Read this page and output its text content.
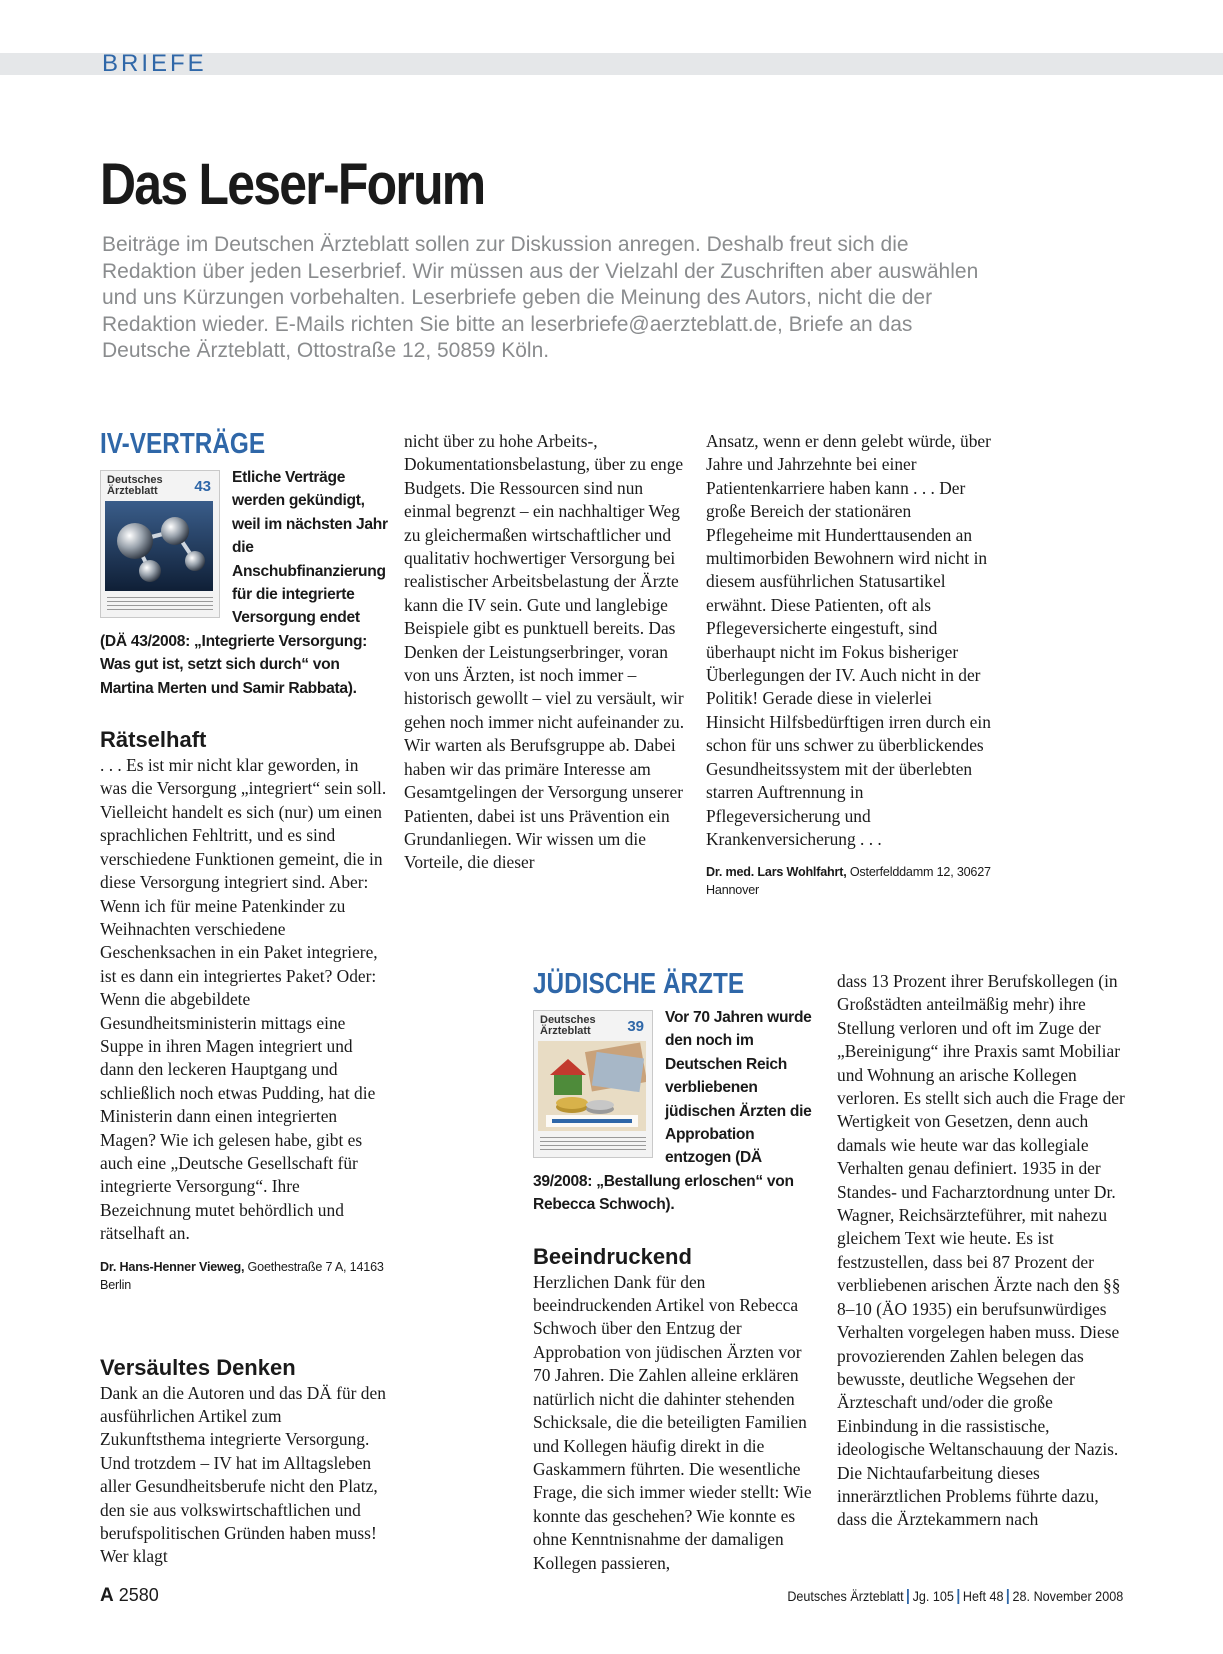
BRIEFE
Das Leser-Forum

Beiträge im Deutschen Ärzteblatt sollen zur Diskussion anregen. Deshalb freut sich die Redaktion über jeden Leserbrief. Wir müssen aus der Vielzahl der Zuschriften aber auswählen und uns Kürzungen vorbehalten. Leserbriefe geben die Meinung des Autors, nicht die der Redaktion wieder. E-Mails richten Sie bitte an leserbriefe@aerzteblatt.de, Briefe an das Deutsche Ärzteblatt, Ottostraße 12, 50859 Köln.

IV-VERTRÄGE
Deutsches Ärzteblatt	43

Etliche Verträge werden gekündigt, weil im nächsten Jahr die Anschubfinanzierung für die integrierte Versorgung endet (DÄ 43/2008: „Integrierte Versorgung: Was gut ist, setzt sich durch“ von Martina Merten und Samir Rabbata).

Rätselhaft

. . . Es ist mir nicht klar geworden, in was die Versorgung „integriert“ sein soll. Vielleicht handelt es sich (nur) um einen sprachlichen Fehltritt, und es sind verschiedene Funktionen gemeint, die in diese Versorgung integriert sind. Aber: Wenn ich für meine Patenkinder zu Weihnachten verschiedene Geschenksachen in ein Paket integriere, ist es dann ein integriertes Paket? Oder: Wenn die abgebildete Gesundheitsministerin mittags eine Suppe in ihren Magen integriert und dann den leckeren Hauptgang und schließlich noch etwas Pudding, hat die Ministerin dann einen integrierten Magen? Wie ich gelesen habe, gibt es auch eine „Deutsche Gesellschaft für integrierte Versorgung“. Ihre Bezeichnung mutet behördlich und rätselhaft an.

Dr. Hans-Henner Vieweg, Goethestraße 7 A, 14163 Berlin

Versäultes Denken

Dank an die Autoren und das DÄ für den ausführlichen Artikel zum Zukunftsthema integrierte Versorgung. Und trotzdem – IV hat im Alltagsleben aller Gesundheitsberufe nicht den Platz, den sie aus volkswirtschaftlichen und berufspolitischen Gründen haben muss! Wer klagt

nicht über zu hohe Arbeits-, Dokumentationsbelastung, über zu enge Budgets. Die Ressourcen sind nun einmal begrenzt – ein nachhaltiger Weg zu gleichermaßen wirtschaftlicher und qualitativ hochwertiger Versorgung bei realistischer Arbeitsbelastung der Ärzte kann die IV sein. Gute und langlebige Beispiele gibt es punktuell bereits. Das Denken der Leistungserbringer, voran von uns Ärzten, ist noch immer – historisch gewollt – viel zu versäult, wir gehen noch immer nicht aufeinander zu. Wir warten als Berufsgruppe ab. Dabei haben wir das primäre Interesse am Gesamtgelingen der Versorgung unserer Patienten, dabei ist uns Prävention ein Grundanliegen. Wir wissen um die Vorteile, die dieser

Ansatz, wenn er denn gelebt würde, über Jahre und Jahrzehnte bei einer Patientenkarriere haben kann . . . Der große Bereich der stationären Pflegeheime mit Hunderttausenden an multimorbiden Bewohnern wird nicht in diesem ausführlichen Statusartikel erwähnt. Diese Patienten, oft als Pflegeversicherte eingestuft, sind überhaupt nicht im Fokus bisheriger Überlegungen der IV. Auch nicht in der Politik! Gerade diese in vielerlei Hinsicht Hilfsbedürftigen irren durch ein schon für uns schwer zu überblickendes Gesundheitssystem mit der überlebten starren Auftrennung in Pflegeversicherung und Krankenversicherung . . .

Dr. med. Lars Wohlfahrt, Osterfelddamm 12, 30627 Hannover

JÜDISCHE ÄRZTE
Deutsches Ärzteblatt	39

Vor 70 Jahren wurde den noch im Deutschen Reich verbliebenen jüdischen Ärzten die Approbation entzogen (DÄ 39/2008: „Bestallung erloschen“ von Rebecca Schwoch).

Beeindruckend

Herzlichen Dank für den beeindruckenden Artikel von Rebecca Schwoch über den Entzug der Approbation von jüdischen Ärzten vor 70 Jahren. Die Zahlen alleine erklären natürlich nicht die dahinter stehenden Schicksale, die die beteiligten Familien und Kollegen häufig direkt in die Gaskammern führten. Die wesentliche Frage, die sich immer wieder stellt: Wie konnte das geschehen? Wie konnte es ohne Kenntnisnahme der damaligen Kollegen passieren,

dass 13 Prozent ihrer Berufskollegen (in Großstädten anteilmäßig mehr) ihre Stellung verloren und oft im Zuge der „Bereinigung“ ihre Praxis samt Mobiliar und Wohnung an arische Kollegen verloren. Es stellt sich auch die Frage der Wertigkeit von Gesetzen, denn auch damals wie heute war das kollegiale Verhalten genau definiert. 1935 in der Standes- und Facharztordnung unter Dr. Wagner, Reichsärzteführer, mit nahezu gleichem Text wie heute. Es ist festzustellen, dass bei 87 Prozent der verbliebenen arischen Ärzte nach den §§ 8–10 (ÄO 1935) ein berufsunwürdiges Verhalten vorgelegen haben muss. Diese provozierenden Zahlen belegen das bewusste, deutliche Wegsehen der Ärzteschaft und/oder die große Einbindung in die rassistische, ideologische Weltanschauung der Nazis. Die Nichtaufarbeitung dieses innerärztlichen Problems führte dazu, dass die Ärztekammern nach

A 2580	Deutsches Ärzteblatt Jg. 105 Heft 48 28. November 2008
